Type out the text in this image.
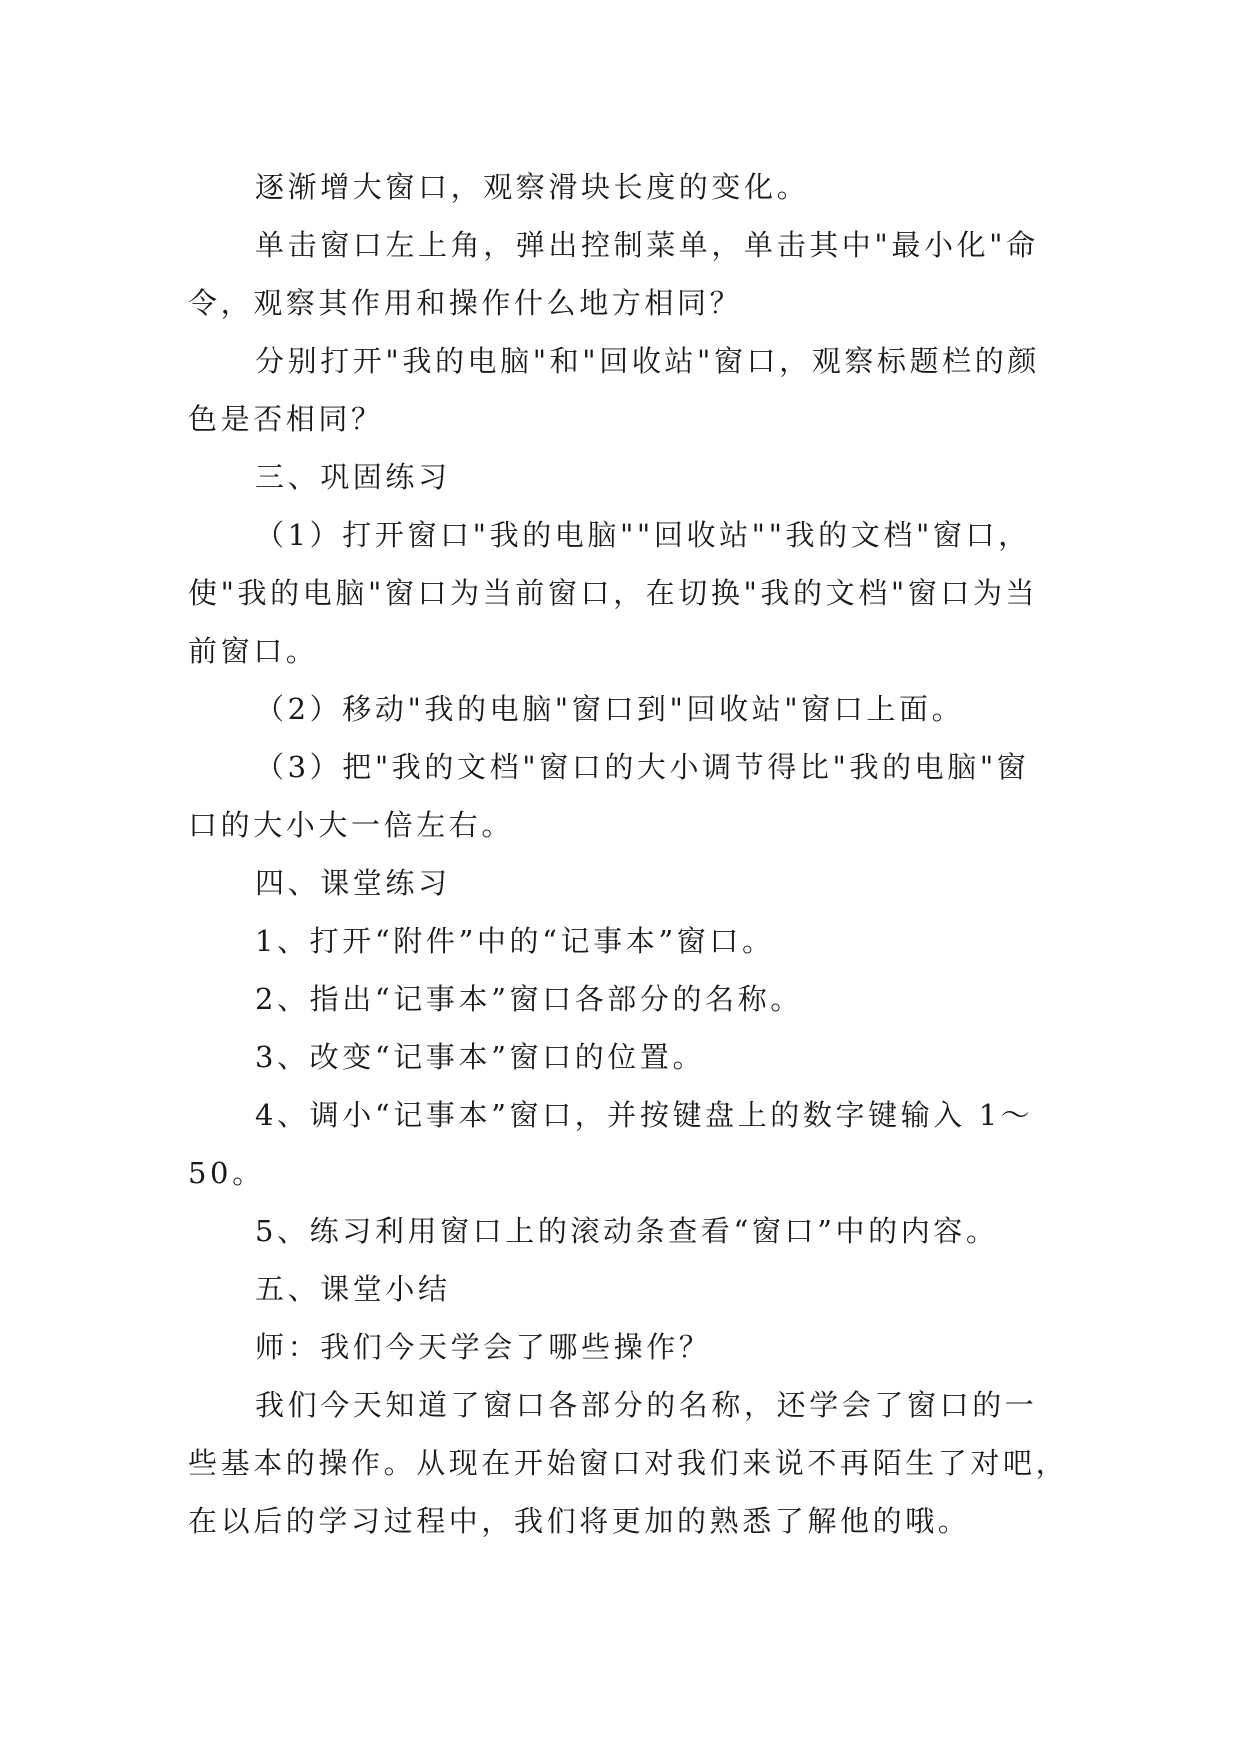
逐渐增大窗口，观察滑块长度的变化。
单击窗口左上角，弹出控制菜单，单击其中"最小化"命
令，观察其作用和操作什么地方相同？
分别打开"我的电脑"和"回收站"窗口，观察标题栏的颜
色是否相同？
三、巩固练习
（1）打开窗口"我的电脑""回收站""我的文档"窗口，
使"我的电脑"窗口为当前窗口，在切换"我的文档"窗口为当
前窗口。
（2）移动"我的电脑"窗口到"回收站"窗口上面。
（3）把"我的文档"窗口的大小调节得比"我的电脑"窗
口的大小大一倍左右。
四、课堂练习
1、打开“附件”中的“记事本”窗口。
2、指出“记事本”窗口各部分的名称。
3、改变“记事本”窗口的位置。
4、调小“记事本”窗口，并按键盘上的数字键输入 1～
50。
5、练习利用窗口上的滚动条查看“窗口”中的内容。
五、课堂小结
师：我们今天学会了哪些操作？
我们今天知道了窗口各部分的名称，还学会了窗口的一
些基本的操作。从现在开始窗口对我们来说不再陌生了对吧，
在以后的学习过程中，我们将更加的熟悉了解他的哦。
